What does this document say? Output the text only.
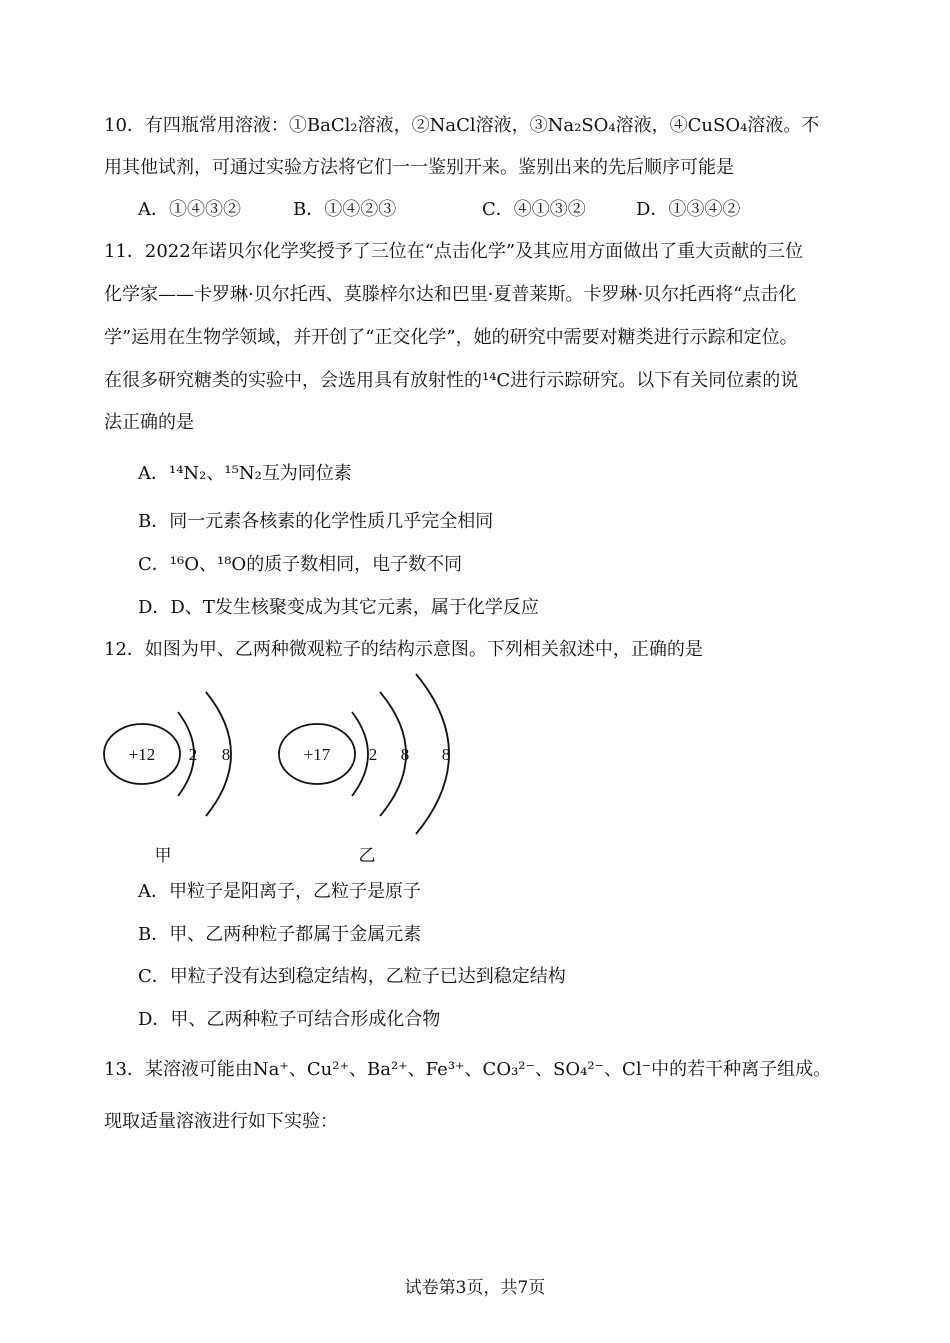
10．有四瓶常用溶液：①BaCl₂溶液，②NaCl溶液，③Na₂SO₄溶液，④CuSO₄溶液。不
用其他试剂，可通过实验方法将它们一一鉴别开来。鉴别出来的先后顺序可能是
A．①④③②	B．①④②③	C．④①③②	D．①③④②
11．2022年诺贝尔化学奖授予了三位在“点击化学”及其应用方面做出了重大贡献的三位
化学家——卡罗琳·贝尔托西、莫滕梓尔达和巴里·夏普莱斯。卡罗琳·贝尔托西将“点击化
学”运用在生物学领域，并开创了“正交化学”，她的研究中需要对糖类进行示踪和定位。
在很多研究糖类的实验中，会选用具有放射性的¹⁴C进行示踪研究。以下有关同位素的说
法正确的是
A．¹⁴N₂、¹⁵N₂互为同位素
B．同一元素各核素的化学性质几乎完全相同
C．¹⁶O、¹⁸O的质子数相同，电子数不同
D．D、T发生核聚变成为其它元素，属于化学反应
12．如图为甲、乙两种微观粒子的结构示意图。下列相关叙述中，正确的是
+12 2 8
甲
+17 2 8 8
乙
A．甲粒子是阳离子，乙粒子是原子
B．甲、乙两种粒子都属于金属元素
C．甲粒子没有达到稳定结构，乙粒子已达到稳定结构
D．甲、乙两种粒子可结合形成化合物
13．某溶液可能由Na⁺、Cu²⁺、Ba²⁺、Fe³⁺、CO₃²⁻、SO₄²⁻、Cl⁻中的若干种离子组成。
现取适量溶液进行如下实验：
试卷第3页，共7页
